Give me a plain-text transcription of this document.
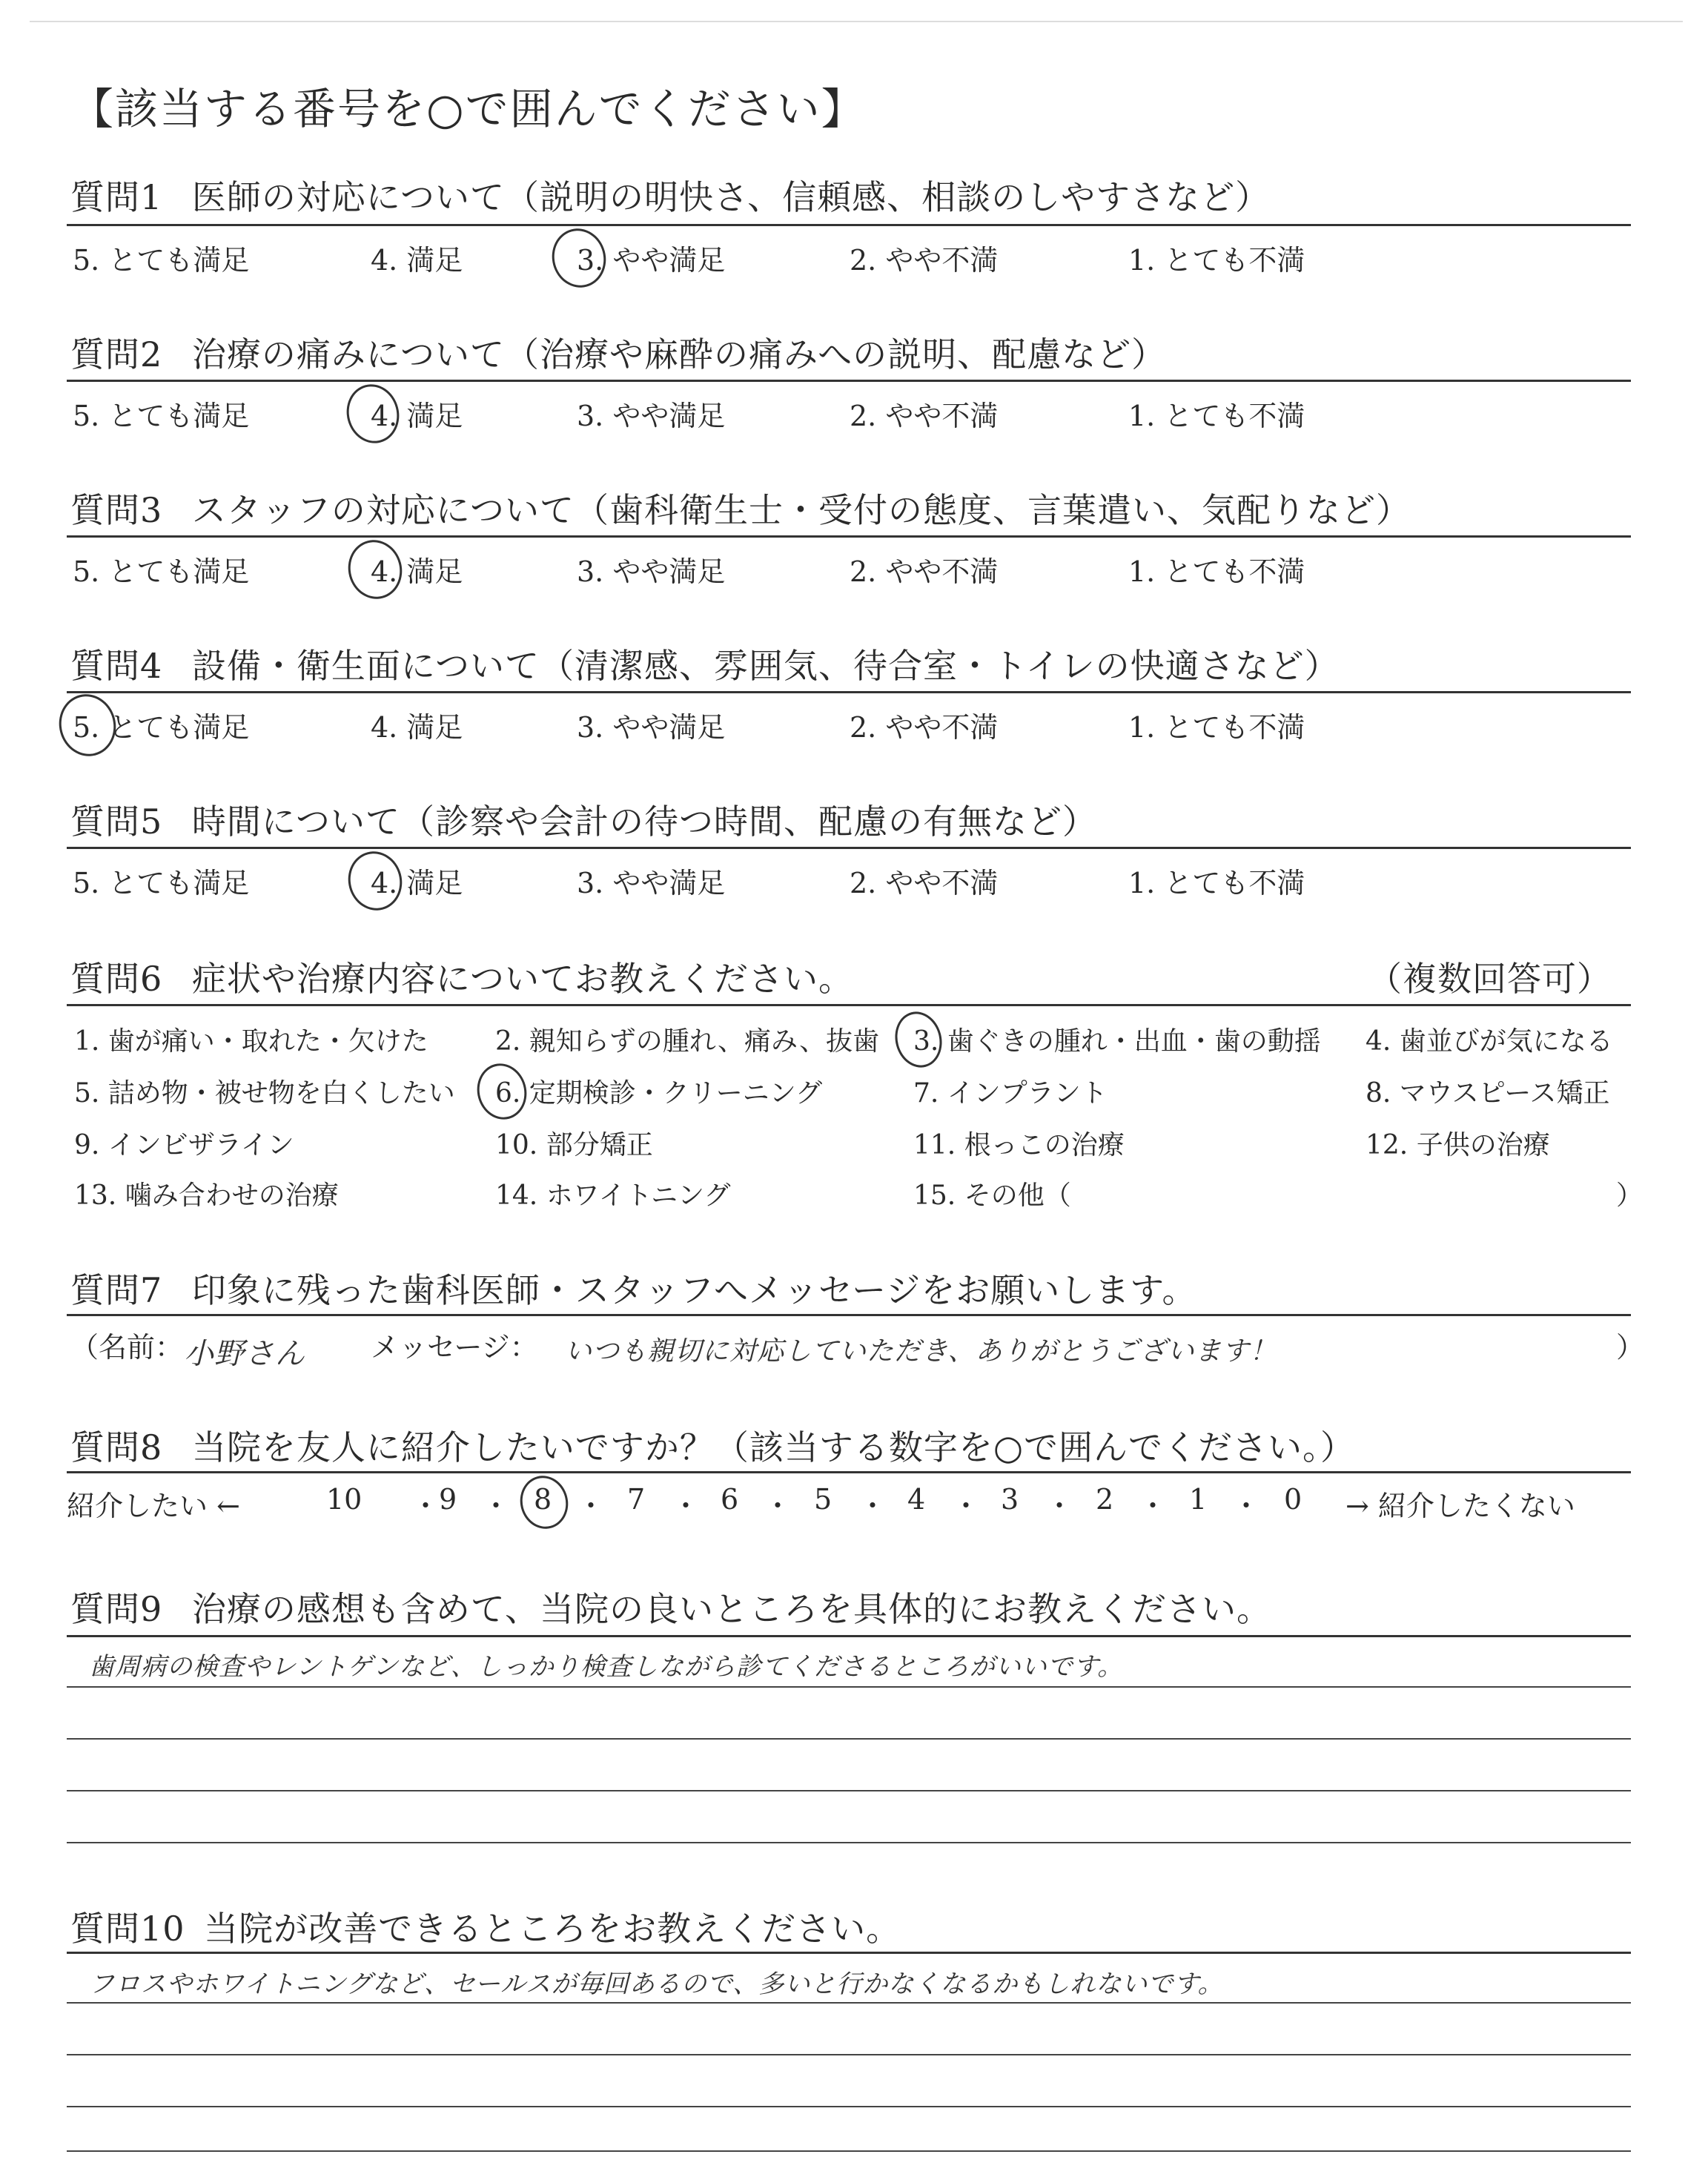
【該当する番号を○で囲んでください】
質問1 医師の対応について（説明の明快さ、信頼感、相談のしやすさなど）
5. とても満足	4. 満足	3. やや満足	2. やや不満	1. とても不満
質問2 治療の痛みについて（治療や麻酔の痛みへの説明、配慮など）
5. とても満足	4. 満足	3. やや満足	2. やや不満	1. とても不満
質問3 スタッフの対応について（歯科衛生士・受付の態度、言葉遣い、気配りなど）
5. とても満足	4. 満足	3. やや満足	2. やや不満	1. とても不満
質問4 設備・衛生面について（清潔感、雰囲気、待合室・トイレの快適さなど）
5. とても満足	4. 満足	3. やや満足	2. やや不満	1. とても不満
質問5 時間について（診察や会計の待つ時間、配慮の有無など）
5. とても満足	4. 満足	3. やや満足	2. やや不満	1. とても不満
質問6 症状や治療内容についてお教えください。	（複数回答可）
1. 歯が痛い・取れた・欠けた	2. 親知らずの腫れ、痛み、抜歯 3. 歯ぐきの腫れ・出血・歯の動揺 4. 歯並びが気になる
5. 詰め物・被せ物を白くしたい 6. 定期検診・クリーニング	7. インプラント	8. マウスピース矯正
9. インビザライン	10. 部分矯正	11. 根っこの治療	12. 子供の治療
13. 噛み合わせの治療	14. ホワイトニング	15. その他（	）
質問7 印象に残った歯科医師・スタッフへメッセージをお願いします。
（名前： 小野さん メッセージ： いつも親切に対応していただき、ありがとうございます！	）
質問8 当院を友人に紹介したいですか？（該当する数字を○で囲んでください。）
紹介したい ←	→ 紹介したくない
10 ・
9 ・ 8 ・ 7 ・ 6 ・ 5 ・ 4 ・ 3 ・ 2 ・ 1 ・ 0
質問9 治療の感想も含めて、当院の良いところを具体的にお教えください。
歯周病の検査やレントゲンなど、しっかり検査しながら診てくださるところがいいです。
質問10 当院が改善できるところをお教えください。
フロスやホワイトニングなど、セールスが毎回あるので、多いと行かなくなるかもしれないです。
